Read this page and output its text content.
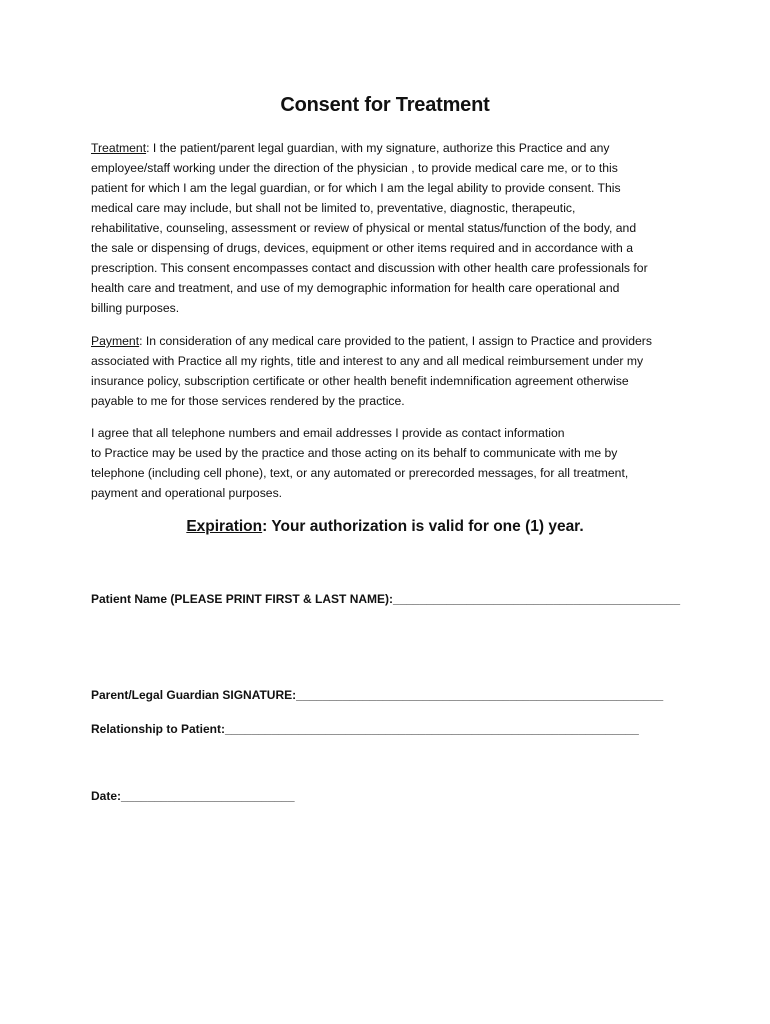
Consent for Treatment
Treatment: I the patient/parent legal guardian, with my signature, authorize this Practice and any
employee/staff working under the direction of the physician , to provide medical care me, or to this
patient for which I am the legal guardian, or for which I am the legal ability to provide consent. This
medical care may include, but shall not be limited to, preventative, diagnostic, therapeutic,
rehabilitative, counseling, assessment or review of physical or mental status/function of the body, and
the sale or dispensing of drugs, devices, equipment or other items required and in accordance with a
prescription. This consent encompasses contact and discussion with other health care professionals for
health care and treatment, and use of my demographic information for health care operational and
billing purposes.
Payment: In consideration of any medical care provided to the patient, I assign to Practice and providers
associated with Practice all my rights, title and interest to any and all medical reimbursement under my
insurance policy, subscription certificate or other health benefit indemnification agreement otherwise
payable to me for those services rendered by the practice.
I agree that all telephone numbers and email addresses I provide as contact information
to Practice may be used by the practice and those acting on its behalf to communicate with me by
telephone (including cell phone), text, or any automated or prerecorded messages, for all treatment,
payment and operational purposes.
Expiration: Your authorization is valid for one (1) year.
Patient Name (PLEASE PRINT FIRST & LAST NAME):___________________________________________
Parent/Legal Guardian SIGNATURE:_______________________________________________________
Relationship to Patient:______________________________________________________________
Date:__________________________
